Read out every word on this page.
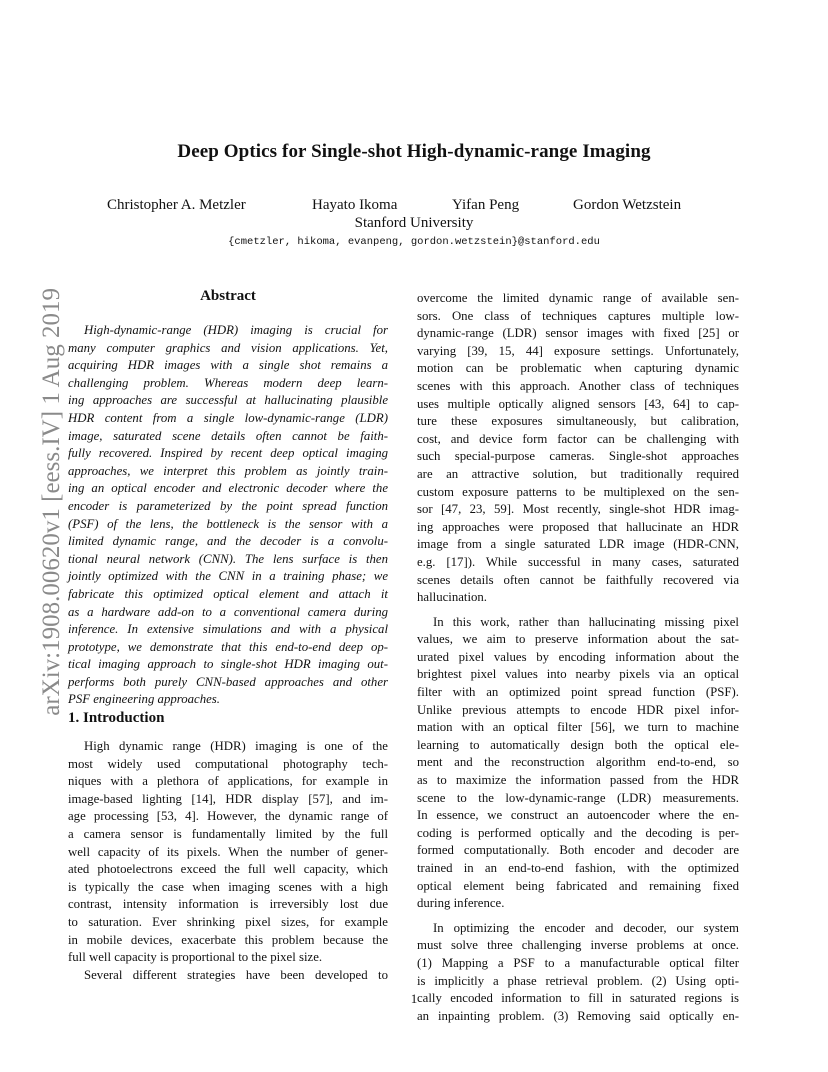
arXiv:1908.00620v1 [eess.IV] 1 Aug 2019
Deep Optics for Single-shot High-dynamic-range Imaging
Christopher A. Metzler	Hayato Ikoma	Yifan Peng	Gordon Wetzstein
Stanford University
{cmetzler, hikoma, evanpeng, gordon.wetzstein}@stanford.edu
Abstract
High-dynamic-range (HDR) imaging is crucial for
many computer graphics and vision applications. Yet,
acquiring HDR images with a single shot remains a
challenging problem. Whereas modern deep learn-
ing approaches are successful at hallucinating plausible
HDR content from a single low-dynamic-range (LDR)
image, saturated scene details often cannot be faith-
fully recovered. Inspired by recent deep optical imaging
approaches, we interpret this problem as jointly train-
ing an optical encoder and electronic decoder where the
encoder is parameterized by the point spread function
(PSF) of the lens, the bottleneck is the sensor with a
limited dynamic range, and the decoder is a convolu-
tional neural network (CNN). The lens surface is then
jointly optimized with the CNN in a training phase; we
fabricate this optimized optical element and attach it
as a hardware add-on to a conventional camera during
inference. In extensive simulations and with a physical
prototype, we demonstrate that this end-to-end deep op-
tical imaging approach to single-shot HDR imaging out-
performs both purely CNN-based approaches and other
PSF engineering approaches.
1. Introduction
High dynamic range (HDR) imaging is one of the
most widely used computational photography tech-
niques with a plethora of applications, for example in
image-based lighting [14], HDR display [57], and im-
age processing [53, 4]. However, the dynamic range of
a camera sensor is fundamentally limited by the full
well capacity of its pixels. When the number of gener-
ated photoelectrons exceed the full well capacity, which
is typically the case when imaging scenes with a high
contrast, intensity information is irreversibly lost due
to saturation. Ever shrinking pixel sizes, for example
in mobile devices, exacerbate this problem because the
full well capacity is proportional to the pixel size.
Several different strategies have been developed to
overcome the limited dynamic range of available sen-
sors. One class of techniques captures multiple low-
dynamic-range (LDR) sensor images with fixed [25] or
varying [39, 15, 44] exposure settings. Unfortunately,
motion can be problematic when capturing dynamic
scenes with this approach. Another class of techniques
uses multiple optically aligned sensors [43, 64] to cap-
ture these exposures simultaneously, but calibration,
cost, and device form factor can be challenging with
such special-purpose cameras. Single-shot approaches
are an attractive solution, but traditionally required
custom exposure patterns to be multiplexed on the sen-
sor [47, 23, 59]. Most recently, single-shot HDR imag-
ing approaches were proposed that hallucinate an HDR
image from a single saturated LDR image (HDR-CNN,
e.g. [17]). While successful in many cases, saturated
scenes details often cannot be faithfully recovered via
hallucination.
In this work, rather than hallucinating missing pixel
values, we aim to preserve information about the sat-
urated pixel values by encoding information about the
brightest pixel values into nearby pixels via an optical
filter with an optimized point spread function (PSF).
Unlike previous attempts to encode HDR pixel infor-
mation with an optical filter [56], we turn to machine
learning to automatically design both the optical ele-
ment and the reconstruction algorithm end-to-end, so
as to maximize the information passed from the HDR
scene to the low-dynamic-range (LDR) measurements.
In essence, we construct an autoencoder where the en-
coding is performed optically and the decoding is per-
formed computationally. Both encoder and decoder are
trained in an end-to-end fashion, with the optimized
optical element being fabricated and remaining fixed
during inference.
In optimizing the encoder and decoder, our system
must solve three challenging inverse problems at once.
(1) Mapping a PSF to a manufacturable optical filter
is implicitly a phase retrieval problem. (2) Using opti-
cally encoded information to fill in saturated regions is
an inpainting problem. (3) Removing said optically en-
1
